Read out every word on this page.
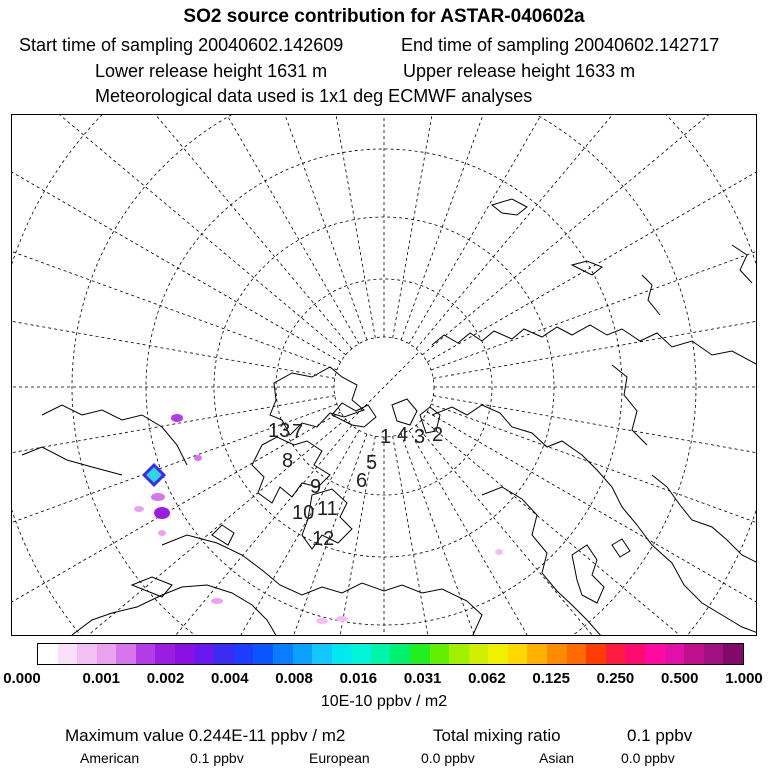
SO2 source contribution for ASTAR-040602a
Start time of sampling 20040602.142609	End time of sampling 20040602.142717
Lower release height 1631 m	Upper release height 1633 m
Meteorological data used is 1x1 deg ECMWF analyses
1 2
3
4
5
6
7
8
9
10 11
12
13
0.000	0.001 0.002 0.004 0.008 0.016 0.031 0.062 0.125 0.250 0.500 1.000
10E-10 ppbv / m2
Maximum value 0.244E-11 ppbv / m2	Total mixing ratio	0.1 ppbv
American	0.1 ppbv	European	0.0 ppbv	Asian	0.0 ppbv
